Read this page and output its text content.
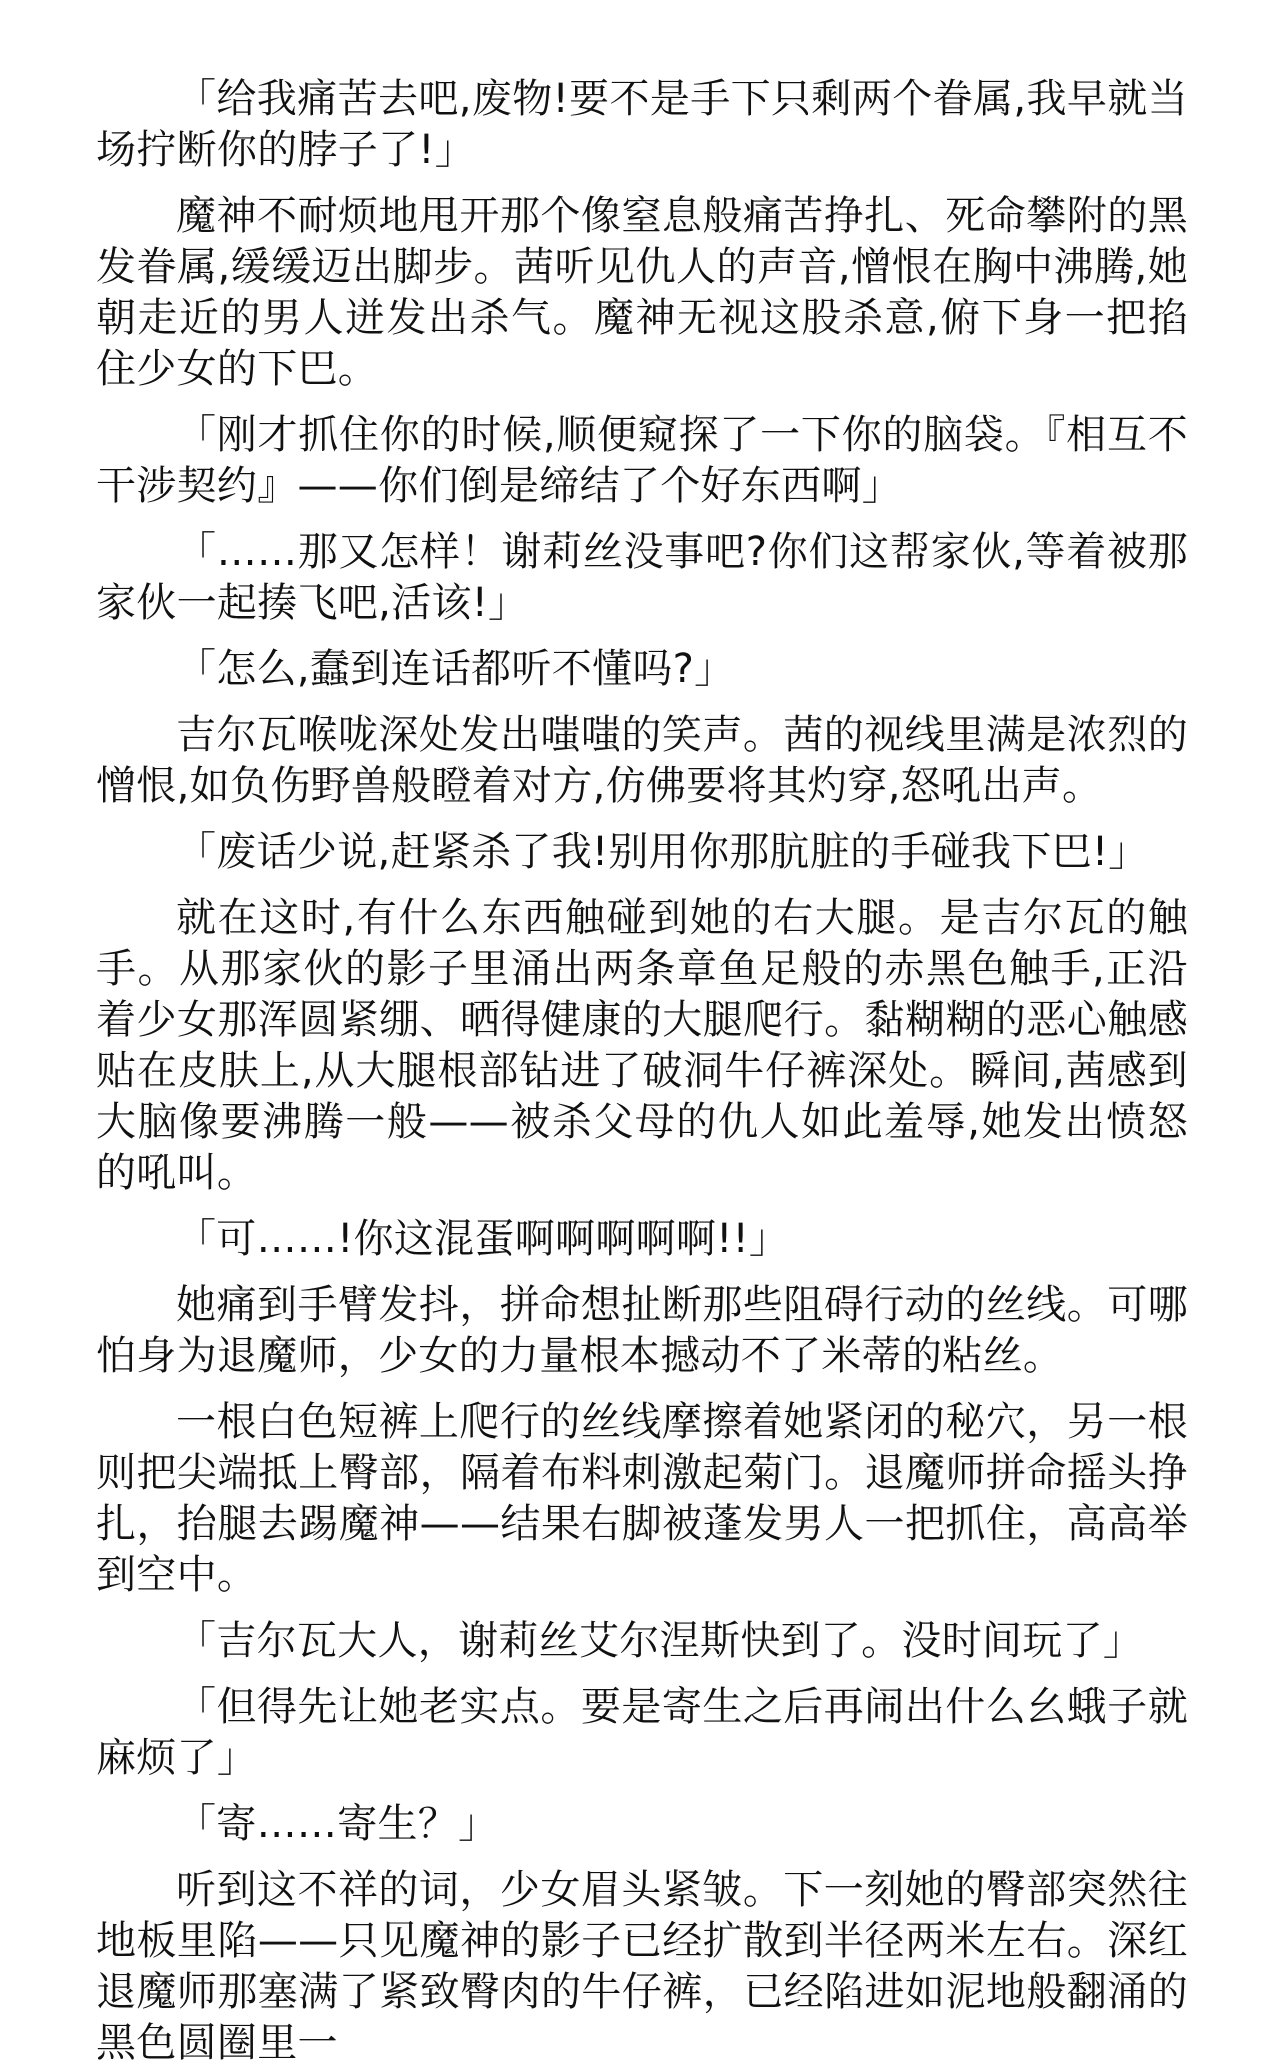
「给我痛苦去吧,废物!要不是手下只剩两个眷属,我早就当场拧断你的脖子了!」

魔神不耐烦地甩开那个像窒息般痛苦挣扎、死命攀附的黑发眷属,缓缓迈出脚步。茜听见仇人的声音,憎恨在胸中沸腾,她朝走近的男人迸发出杀气。魔神无视这股杀意,俯下身一把掐住少女的下巴。

「刚才抓住你的时候,顺便窥探了一下你的脑袋。『相互不干涉契约』——你们倒是缔结了个好东西啊」

「……那又怎样！谢莉丝没事吧?你们这帮家伙,等着被那家伙一起揍飞吧,活该!」

「怎么,蠢到连话都听不懂吗?」

吉尔瓦喉咙深处发出嗤嗤的笑声。茜的视线里满是浓烈的憎恨,如负伤野兽般瞪着对方,仿佛要将其灼穿,怒吼出声。

「废话少说,赶紧杀了我!别用你那肮脏的手碰我下巴!」

就在这时,有什么东西触碰到她的右大腿。是吉尔瓦的触手。从那家伙的影子里涌出两条章鱼足般的赤黑色触手,正沿着少女那浑圆紧绷、晒得健康的大腿爬行。黏糊糊的恶心触感贴在皮肤上,从大腿根部钻进了破洞牛仔裤深处。瞬间,茜感到大脑像要沸腾一般——被杀父母的仇人如此羞辱,她发出愤怒的吼叫。

「可……!你这混蛋啊啊啊啊啊!!」

她痛到手臂发抖，拼命想扯断那些阻碍行动的丝线。可哪怕身为退魔师，少女的力量根本撼动不了米蒂的粘丝。

一根白色短裤上爬行的丝线摩擦着她紧闭的秘穴，另一根则把尖端抵上臀部，隔着布料刺激起菊门。退魔师拼命摇头挣扎，抬腿去踢魔神——结果右脚被蓬发男人一把抓住，高高举到空中。

「吉尔瓦大人，谢莉丝艾尔涅斯快到了。没时间玩了」

「但得先让她老实点。要是寄生之后再闹出什么幺蛾子就麻烦了」

「寄……寄生？」

听到这不祥的词，少女眉头紧皱。下一刻她的臀部突然往地板里陷——只见魔神的影子已经扩散到半径两米左右。深红退魔师那塞满了紧致臀肉的牛仔裤，已经陷进如泥地般翻涌的黑色圆圈里一
